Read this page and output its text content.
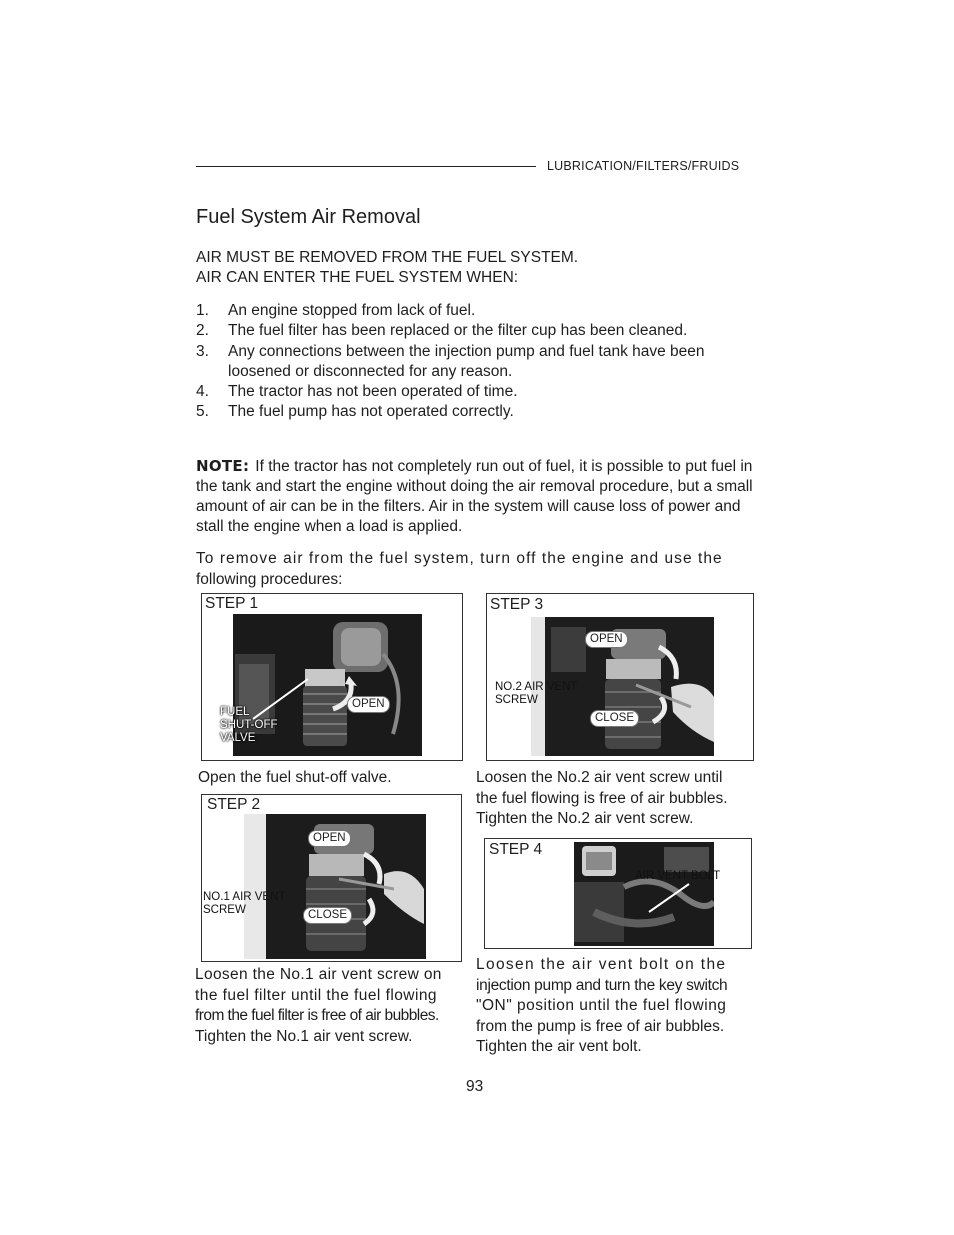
LUBRICATION/FILTERS/FRUIDS
Fuel System Air Removal
AIR MUST BE REMOVED FROM THE FUEL SYSTEM.
AIR CAN ENTER THE FUEL SYSTEM WHEN:
1. An engine stopped from lack of fuel.
2. The fuel filter has been replaced or the filter cup has been cleaned.
3. Any connections between the injection pump and fuel tank have been loosened or disconnected for any reason.
4. The tractor has not been operated of time.
5. The fuel pump has not operated correctly.
NOTE: If the tractor has not completely run out of fuel, it is possible to put fuel in the tank and start the engine without doing the air removal procedure, but a small amount of air can be in the filters. Air in the system will cause loss of power and stall the engine when a load is applied.
To remove air from the fuel system, turn off the engine and use the
following procedures:
STEP 1
FUEL
SHUT-OFF
VALVE
OPEN
Open the fuel shut-off valve.
STEP 2
OPEN
NO.1 AIR VENT
SCREW	CLOSE
Loosen the No.1 air vent screw on
the fuel filter until the fuel flowing
from the fuel filter is free of air bubbles.
Tighten the No.1 air vent screw.
STEP 3
OPEN
NO.2 AIR VENT
SCREW
CLOSE
Loosen the No.2 air vent screw until
the fuel flowing is free of air bubbles.
Tighten the No.2 air vent screw.
STEP 4
AIR VENT BOLT
Loosen the air vent bolt on the
injection pump and turn the key switch
"ON" position until the fuel flowing
from the pump is free of air bubbles.
Tighten the air vent bolt.
93
